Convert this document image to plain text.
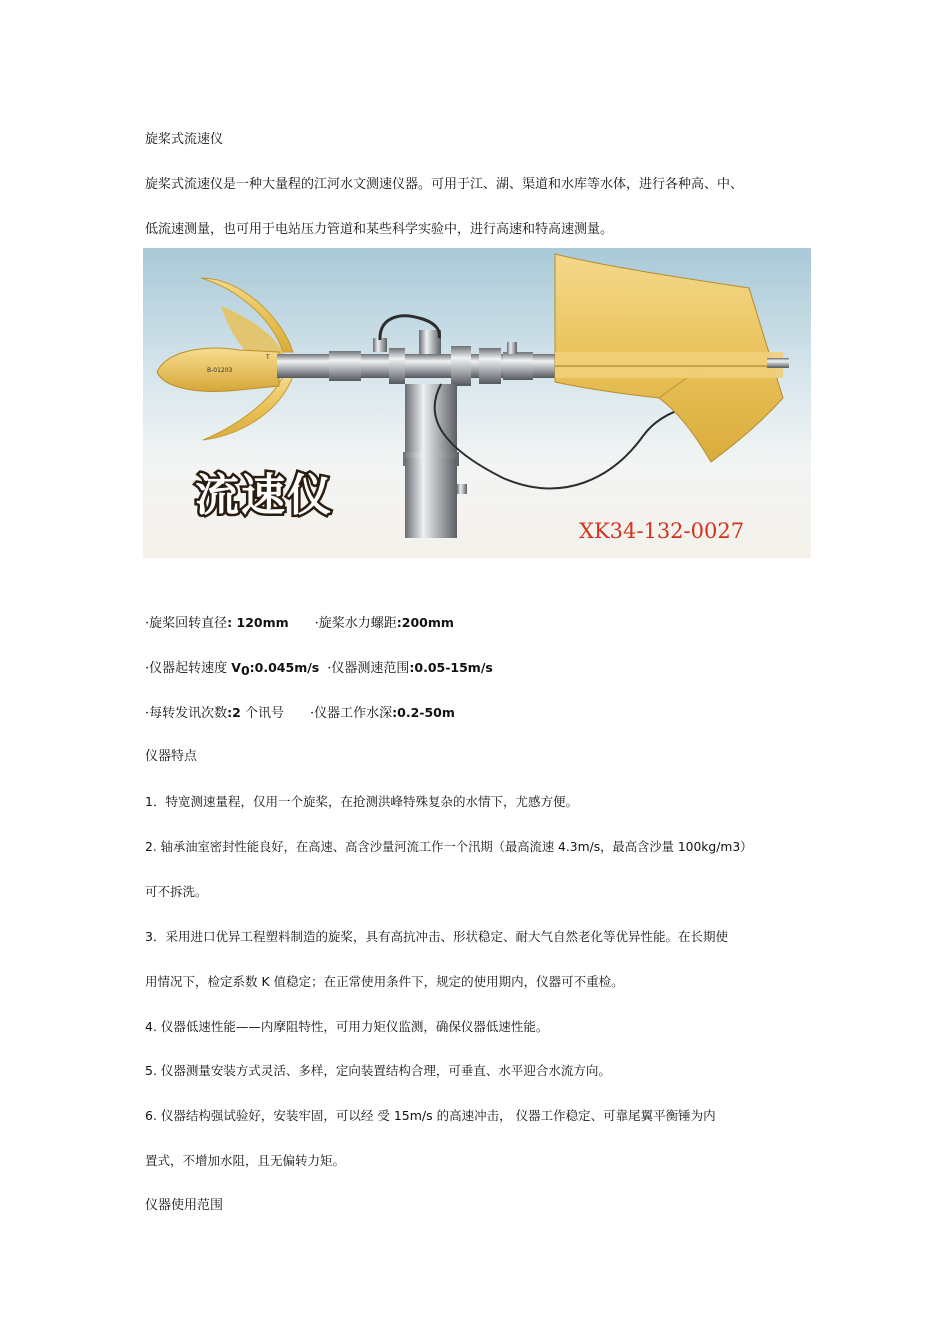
旋桨式流速仪
旋桨式流速仪是一种大量程的江河水文测速仪器。可用于江、湖、渠道和水库等水体，进行各种高、中、
低流速测量，也可用于电站压力管道和某些科学实验中，进行高速和特高速测量。
B-01203
T
流速仪
XK34-132-0027
·旋桨回转直径: 120mm ·旋桨水力螺距:200mm
·仪器起转速度 $V_0:0.045m/s$ ·仪器测速范围:0.05-15m/s
·每转发讯次数:2 个讯号 ·仪器工作水深:0.2-50m
仪器特点
1．特宽测速量程，仅用一个旋桨，在抢测洪峰特殊复杂的水情下，尤感方便。
2. 轴承油室密封性能良好，在高速、高含沙量河流工作一个汛期（最高流速 4.3m/s，最高含沙量 100kg/m3）
可不拆洗。
3．采用进口优异工程塑料制造的旋桨，具有高抗冲击、形状稳定、耐大气自然老化等优异性能。在长期使
用情况下，检定系数 K 值稳定；在正常使用条件下，规定的使用期内，仪器可不重检。
4. 仪器低速性能——内摩阻特性，可用力矩仪监测，确保仪器低速性能。
5. 仪器测量安装方式灵活、多样，定向装置结构合理，可垂直、水平迎合水流方向。
6. 仪器结构强试验好，安装牢固，可以经 受 15m/s 的高速冲击， 仪器工作稳定、可靠尾翼平衡锤为内
置式，不增加水阻，且无偏转力矩。
仪器使用范围
